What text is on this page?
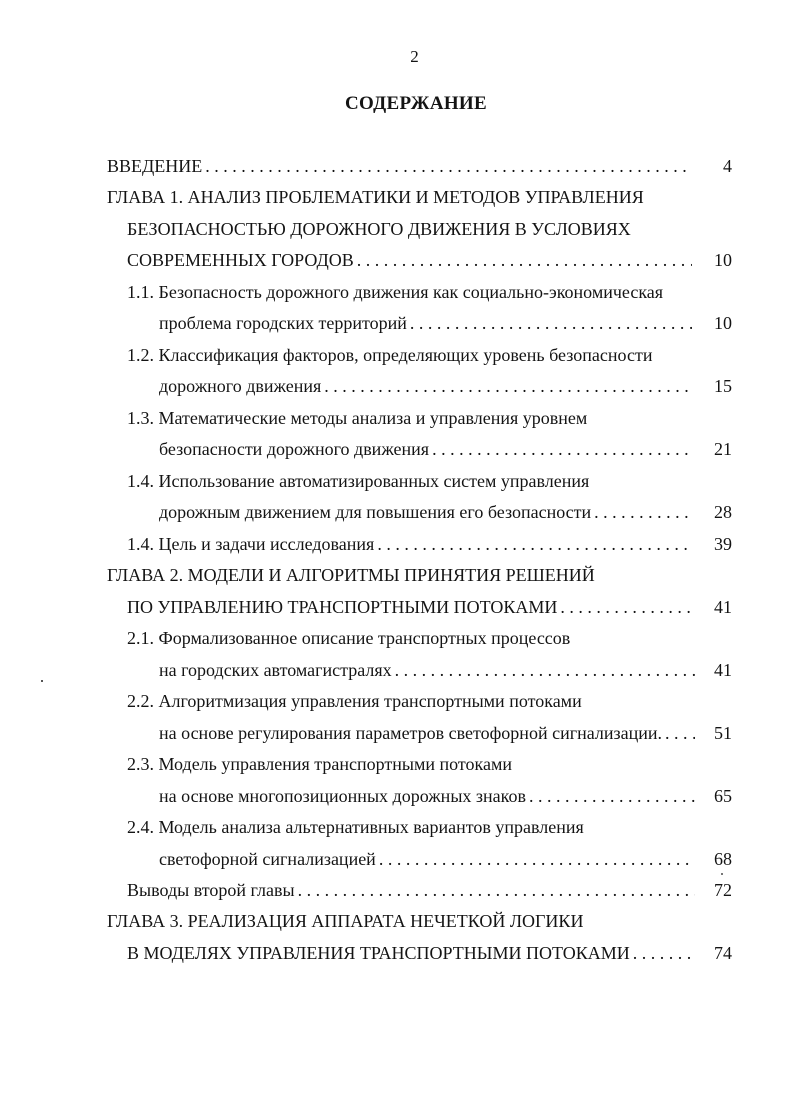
2
СОДЕРЖАНИЕ
ВВЕДЕНИЕ . . .	4
ГЛАВА 1. АНАЛИЗ ПРОБЛЕМАТИКИ И МЕТОДОВ УПРАВЛЕНИЯ
БЕЗОПАСНОСТЬЮ ДОРОЖНОГО ДВИЖЕНИЯ В УСЛОВИЯХ
СОВРЕМЕННЫХ ГОРОДОВ . . .	10
1.1. Безопасность дорожного движения как социально-экономическая
проблема городских территорий . . .	10
1.2. Классификация факторов, определяющих уровень безопасности
дорожного движения . . .	15
1.3. Математические методы анализа и управления уровнем
безопасности дорожного движения . . .	21
1.4. Использование автоматизированных систем управления
дорожным движением для повышения его безопасности . . .	28
1.4. Цель и задачи исследования . . .	39
ГЛАВА 2. МОДЕЛИ И АЛГОРИТМЫ ПРИНЯТИЯ РЕШЕНИЙ
ПО УПРАВЛЕНИЮ ТРАНСПОРТНЫМИ ПОТОКАМИ . . .	41
2.1. Формализованное описание транспортных процессов
на городских автомагистралях . . .	41
2.2. Алгоритмизация управления транспортными потоками
на основе регулирования параметров светофорной сигнализации. . . .	51
2.3. Модель управления транспортными потоками
на основе многопозиционных дорожных знаков . . .	65
2.4. Модель анализа альтернативных вариантов управления
светофорной сигнализацией . . .	68
Выводы второй главы . . .	72
ГЛАВА 3. РЕАЛИЗАЦИЯ АППАРАТА НЕЧЕТКОЙ ЛОГИКИ
В МОДЕЛЯХ УПРАВЛЕНИЯ ТРАНСПОРТНЫМИ ПОТОКАМИ . . .	74
